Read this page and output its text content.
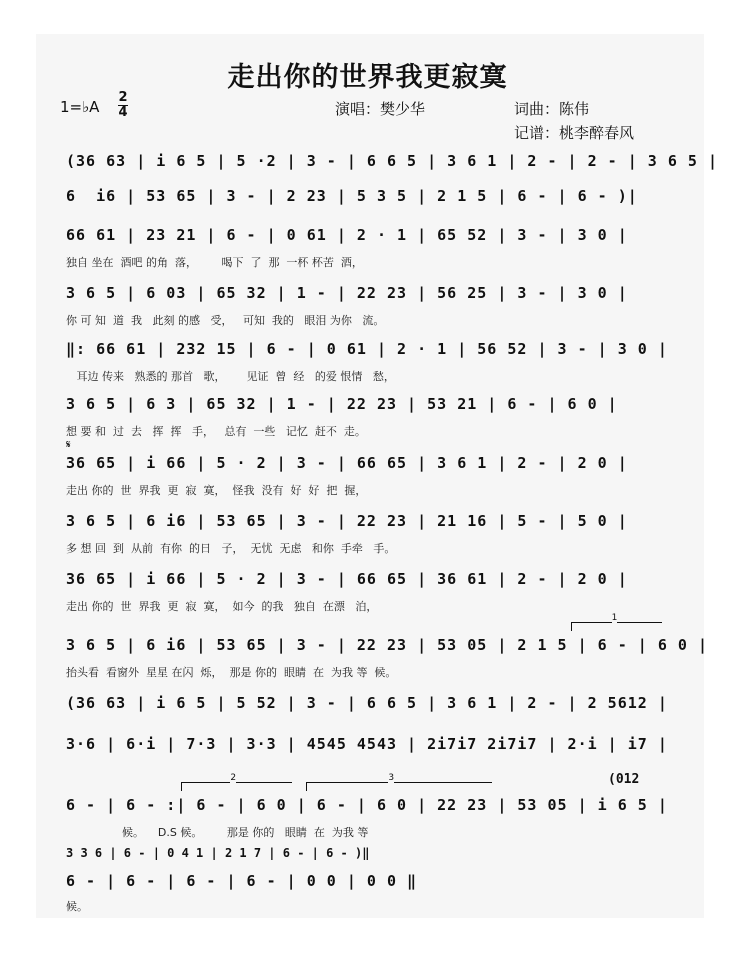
走出你的世界我更寂寞
1=♭A
2
4	演唱：樊少华	词曲：陈伟
记谱：桃李醉春风
(36 63 | i 6 5 | 5 ·2 | 3 - | 6 6 5 | 3 6 1 | 2 - | 2 - | 3 6 5 |
6  i6 | 53 65 | 3 - | 2 23 | 5 3 5 | 2 1 5 | 6 - | 6 - )|
66 61 | 23 21 | 6 - | 0 61 | 2 · 1 | 65 52 | 3 - | 3 0 |
独自 坐在  酒吧 的角  落，       喝下  了  那  一杯 杯苦  酒，
3 6 5 | 6 03 | 65 32 | 1 - | 22 23 | 56 25 | 3 - | 3 0 |
你 可 知  道  我   此刻 的感   受，   可知  我的   眼泪 为你   流。
‖: 66 61 | 232 15 | 6 - | 0 61 | 2 · 1 | 56 52 | 3 - | 3 0 |
耳边 传来   熟悉的 那首   歌，      见证  曾  经   的爱 恨情   愁，
3 6 5 | 6 3 | 65 32 | 1 - | 22 23 | 53 21 | 6 - | 6 0 |
想 要 和  过  去   挥  挥   手，   总有  一些   记忆  赶不  走。
𝄋
36 65 | i 66 | 5 · 2 | 3 - | 66 65 | 3 6 1 | 2 - | 2 0 |
走出 你的  世  界我  更  寂  寞，  怪我  没有  好  好  把  握，
3 6 5 | 6 i6 | 53 65 | 3 - | 22 23 | 21 16 | 5 - | 5 0 |
多 想 回  到  从前  有你  的日   子，  无忧  无虑   和你  手牵   手。
36 65 | i 66 | 5 · 2 | 3 - | 66 65 | 36 61 | 2 - | 2 0 |
走出 你的  世  界我  更  寂  寞，  如今  的我   独自  在漂   泊，
1
3 6 5 | 6 i6 | 53 65 | 3 - | 22 23 | 53 05 | 2 1 5 | 6 - | 6 0 |
抬头看  看窗外  星星 在闪  烁，  那是 你的  眼睛  在  为我 等  候。
(36 63 | i 6 5 | 5 52 | 3 - | 6 6 5 | 3 6 1 | 2 - | 2 5612 |
3·6 | 6·i | 7·3 | 3·3 | 4545 4543 | 2i7i7 2i7i7 | 2·i | i7 |
2	3	(012
6 - | 6 - :| 6 - | 6 0 | 6 - | 6 0 | 22 23 | 53 05 | i 6 5 |
候。    D.S 候。       那是 你的   眼睛  在  为我 等
3 3 6 | 6 - | 0 4 1 | 2 1 7 | 6 - | 6 - )‖
6 - | 6 - | 6 - | 6 - | 0 0 | 0 0 ‖
候。
